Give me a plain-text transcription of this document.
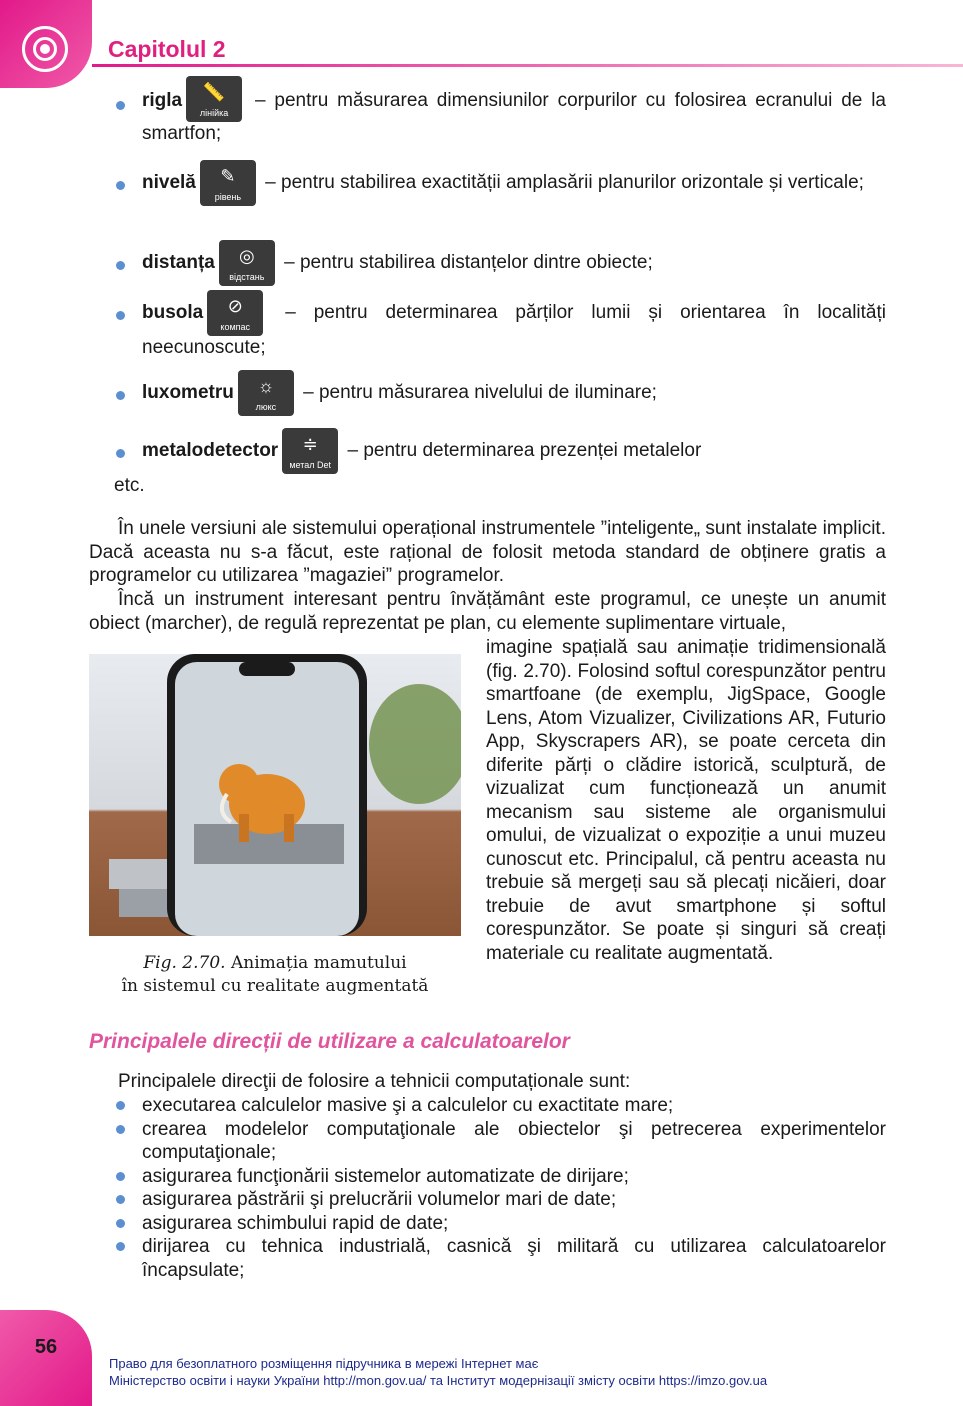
Capitolul 2
rigla	📏
лінійка
– pentru măsurarea dimensiunilor corpurilor cu folosirea ecranului de la smartfon;
nivelă	✎
рівень
– pentru stabilirea exactității amplasării planurilor orizontale și verticale;
distanța	◎
відстань
– pentru stabilirea distanțelor dintre obiecte;
busola	⊘
компас
– pentru determinarea părților lumii și orientarea în localități neecunoscute;
luxometru	☼
люкс
– pentru măsurarea nivelului de iluminare;
metalodetector	≑
метал Det
– pentru determinarea prezenței metalelor
etc.

În unele versiuni ale sistemului operațional instrumentele ”inteligente„ sunt instalate implicit. Dacă aceasta nu s-a făcut, este rațional de folosit metoda standard de obținere gratis a programelor cu utilizarea ”magaziei” programelor.

Încă un instrument interesant pentru învățământ este programul, ce unește un anumit obiect (marcher), de regulă reprezentat pe plan, cu elemente suplimentare virtuale,

imagine spațială sau animație tridimensională (fig. 2.70). Folosind softul corespunzător pentru smartfoane (de exemplu, JigSpace, Google Lens, Atom Vizualizer, Civilizations AR, Futurio App, Skyscrapers AR), se poate cerceta din diferite părți o clădire istorică, sculptură, de vizualizat cum funcționează un anumit mecanism sau sisteme ale organismului omului, de vizualizat o expoziție a unui muzeu cunoscut etc. Principalul, că pentru aceasta nu trebuie să mergeți sau să plecați nicăieri, doar trebuie de avut smartphone și softul corespunzător. Se poate și singuri să creați materiale cu realitate augmentată.

Fig. 2.70. Animația mamutului
în sistemul cu realitate augmentată
Principalele direcții de utilizare a calculatoarelor

Principalele direcţii de folosire a tehnicii computaționale sunt:

executarea calculelor masive şi a calculelor cu exactitate mare;
crearea modelelor computaţionale ale obiectelor şi petrecerea experimentelor computaţionale;
asigurarea funcţionării sistemelor automatizate de dirijare;
asigurarea păstrării şi prelucrării volumelor mari de date;
asigurarea schimbului rapid de date;
dirijarea cu tehnica industrială, casnică şi militară cu utilizarea calculatoarelor încapsulate;
56
Право для безоплатного розміщення підручника в мережі Інтернет має
Міністерство освіти і науки України http://mon.gov.ua/ та Інститут модернізації змісту освіти https://imzo.gov.ua
